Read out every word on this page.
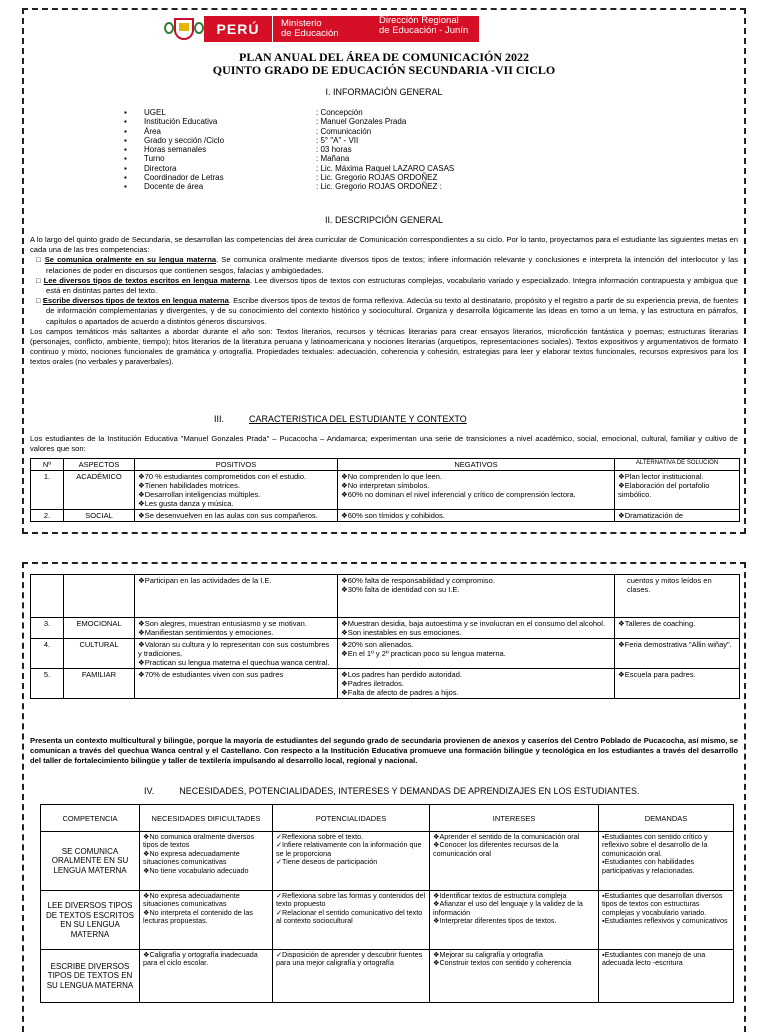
PERÚ	Ministerio
de Educación
Dirección Regional
de Educación - Junín
PLAN ANUAL DEL ÁREA DE COMUNICACIÓN 2022
QUINTO GRADO DE EDUCACIÓN SECUNDARIA -VII CICLO
I. INFORMACIÓN GENERAL
▪	UGEL	: Concepción
▪	Institución Educativa	: Manuel Gonzales Prada
▪	Área	: Comunicación
▪	Grado y sección /Ciclo	: 5° "A" - VII
▪	Horas semanales	: 03 horas
▪	Turno	: Mañana
▪	Directora	: Lic. Máxima Raquel LAZARO CASAS
▪	Coordinador de Letras	: Lic. Gregorio ROJAS ORDOÑEZ
▪	Docente de área	: Lic. Gregorio ROJAS ORDOÑEZ :
II. DESCRIPCIÓN GENERAL
A lo largo del quinto grado de Secundaria, se desarrollan las competencias del área curricular de Comunicación correspondientes a su ciclo. Por lo tanto, proyectamos para el estudiante las siguientes metas en cada una de las tres competencias:
□ Se comunica oralmente en su lengua materna. Se comunica oralmente mediante diversos tipos de textos; infiere información relevante y conclusiones e interpreta la intención del interlocutor y las relaciones de poder en discursos que contienen sesgos, falacias y ambigüedades.
□ Lee diversos tipos de textos escritos en lengua materna. Lee diversos tipos de textos con estructuras complejas, vocabulario variado y especializado. Integra información contrapuesta y ambigua que está en distintas partes del texto.
□ Escribe diversos tipos de textos en lengua materna. Escribe diversos tipos de textos de forma reflexiva. Adecúa su texto al destinatario, propósito y el registro a partir de su experiencia previa, de fuentes de información complementarias y divergentes, y de su conocimiento del contexto histórico y sociocultural. Organiza y desarrolla lógicamente las ideas en torno a un tema, y las estructura en párrafos, capítulos o apartados de acuerdo a distintos géneros discursivos.
Los campos temáticos más saltantes a abordar durante el año son: Textos literarios, recursos y técnicas literarias para crear ensayos literarios, microficción fantástica y poemas; estructuras literarias (personajes, conflicto, ambiente, tiempo); hitos literarios de la literatura peruana y latinoamericana y nociones literarias (arquetipos, representaciones sociales). Textos expositivos y argumentativos de formato continuo y mixto, nociones funcionales de gramática y ortografía. Propiedades textuales: adecuación, coherencia y cohesión, estrategias para leer y elaborar textos funcionales, recursos expresivos para los textos orales (no verbales y paraverbales).
III.	CARACTERISTICA DEL ESTUDIANTE Y CONTEXTO
Los estudiantes de la Institución Educativa "Manuel Gonzales Prada" – Pucacocha – Andamarca; experimentan una serie de transiciones a nivel académico, social, emocional, cultural, familiar y cultivo de valores que son:
Nº	ASPECTOS	POSITIVOS	NEGATIVOS	ALTERNATIVA DE SOLUCION
1.	ACADÉMICO	❖ 70 % estudiantes comprometidos con el estudio.
❖ Tienen habilidades motrices.
❖ Desarrollan inteligencias múltiples.
❖ Les gusta danza y música.	❖ No comprenden lo que leen.
❖ No interpretan símbolos.
❖ 60% no dominan el nivel inferencial y crítico de comprensión lectora.	❖ Plan lector institucional.
❖ Elaboración del portafolio simbólico.

2.	SOCIAL	❖ Se desenvuelven en las aulas con sus compañeros.	❖ 60% son tímidos y cohibidos.	❖ Dramatización de

		❖ Participan en las actividades de la I.E.	❖ 60% falta de responsabilidad y compromiso.
❖ 30% falta de identidad con su I.E.	cuentos y mitos leídos en clases.
3.	EMOCIONAL	❖ Son alegres, muestran entusiasmo y se motivan.
❖ Manifiestan sentimientos y emociones.	❖ Muestran desidia, baja autoestima y se involucran en el consumo del alcohol.
❖ Son inestables en sus emociones.	❖ Talleres de coaching.

4.	CULTURAL	❖ Valoran su cultura y lo representan con sus costumbres y tradiciones.
❖ Practican su lengua materna el quechua wanca central.	❖ 20% son alienados.
❖ En el 1º y 2º practican poco su lengua materna.	❖ Feria demostrativa "Allin wiñay".

5.	FAMILIAR	❖ 70% de estudiantes viven con sus padres	❖ Los padres han perdido autoridad.
❖ Padres iletrados.
❖ Falta de afecto de padres a hijos.	❖ Escuela para padres.
Presenta un contexto multicultural y bilingüe, porque la mayoría de estudiantes del segundo grado de secundaria provienen de anexos y caseríos del Centro Poblado de Pucacocha, así mismo, se comunican a través del quechua Wanca central y el Castellano. Con respecto a la Institución Educativa promueve una formación bilingüe y tecnológica en los estudiantes a través del desarrollo del taller de fortalecimiento bilingüe y taller de textilería impulsando al desarrollo local, regional y nacional.
IV.	NECESIDADES, POTENCIALIDADES, INTERESES Y DEMANDAS DE APRENDIZAJES EN LOS ESTUDIANTES.
COMPETENCIA	NECESIDADES DIFICULTADES	POTENCIALIDADES	INTERESES	DEMANDAS
SE COMUNICA ORALMENTE EN SU LENGUA MATERNA	❖ No comunica oralmente diversos tipos de textos
❖ No expresa adecuadamente situaciones comunicativas
❖ No tiene vocabulario adecuado	✓ Reflexiona sobre el texto.
✓ Infiere relativamente con la información que se le proporciona
✓ Tiene deseos de participación	❖ Aprender el sentido de la comunicación oral
❖ Conocer los diferentes recursos de la comunicación oral	▪ Estudiantes con sentido crítico y reflexivo sobre el desarrollo de la comunicación oral.
▪ Estudiantes con habilidades participativas y relacionadas.

LEE DIVERSOS TIPOS DE TEXTOS ESCRITOS EN SU LENGUA MATERNA	❖ No expresa adecuadamente situaciones comunicativas
❖ No interpreta el contenido de las lecturas propuestas.	✓ Reflexiona sobre las formas y contenidos del texto propuesto
✓ Relacionar el sentido comunicativo del texto al contexto sociocultural	❖ Identificar textos de estructura compleja
❖ Afianzar el uso del lenguaje y la validez de la información
❖ Interpretar diferentes tipos de textos.	▪ Estudiantes que desarrollan diversos tipos de textos con estructuras complejas y vocabulario variado.
▪ Estudiantes reflexivos y comunicativos

ESCRIBE DIVERSOS TIPOS DE TEXTOS EN SU LENGUA MATERNA	❖ Caligrafía y ortografía inadecuada para el ciclo escolar.	✓ Disposición de aprender y descubrir fuentes para una mejor caligrafía y ortografía	❖ Mejorar su caligrafía y ortografía
❖ Construir textos con sentido y coherencia	▪ Estudiantes con manejo de una adecuada lecto -escritura
